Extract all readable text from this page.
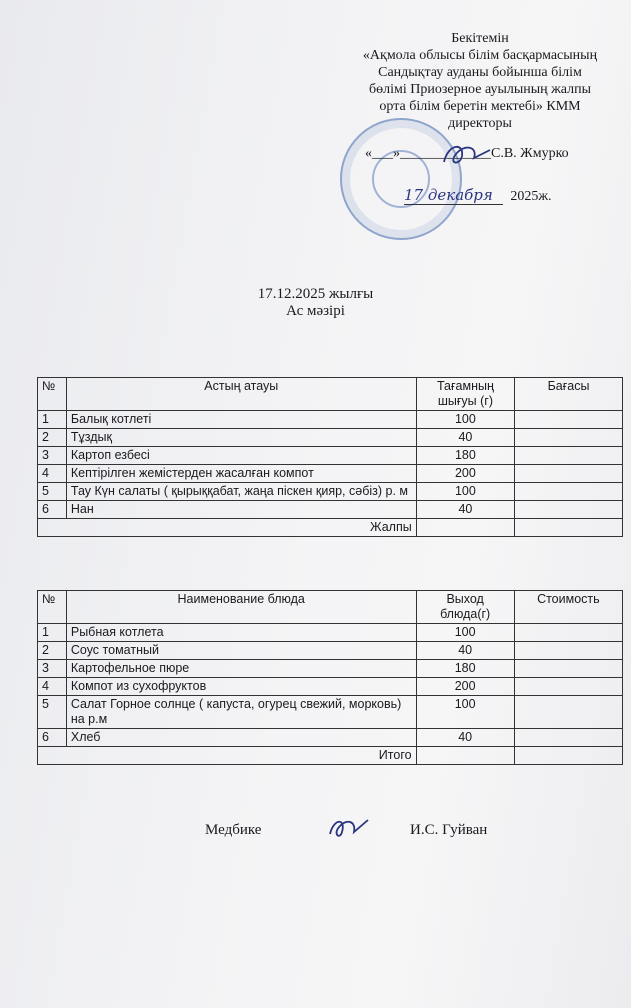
Бекітемін
«Ақмола облысы білім басқармасының
Сандықтау ауданы бойынша білім
бөлімі Приозерное ауылының жалпы
орта білім беретін мектебі» КММ
директоры
«___»_____________С.В. Жмурко
17 декабря 2025ж.
17.12.2025 жылғы
Ас мәзірі
№	Астың атауы	Тағамның шығуы (г)	Бағасы
1	Балық котлеті	100	
2	Тұздық	40	
3	Картоп езбесі	180	
4	Кептірілген жемістерден жасалған компот	200	
5	Тау Күн салаты ( қырыққабат, жаңа піскен қияр, сәбіз) р. м	100	
6	Нан	40	
Жалпы			
№	Наименование блюда	Выход блюда(г)	Стоимость
1	Рыбная котлета	100	
2	Соус томатный	40	
3	Картофельное пюре	180	
4	Компот из сухофруктов	200	
5	Салат Горное солнце ( капуста, огурец свежий, морковь) на р.м	100	
6	Хлеб	40	
Итого			
Медбике	И.С. Гуйван
